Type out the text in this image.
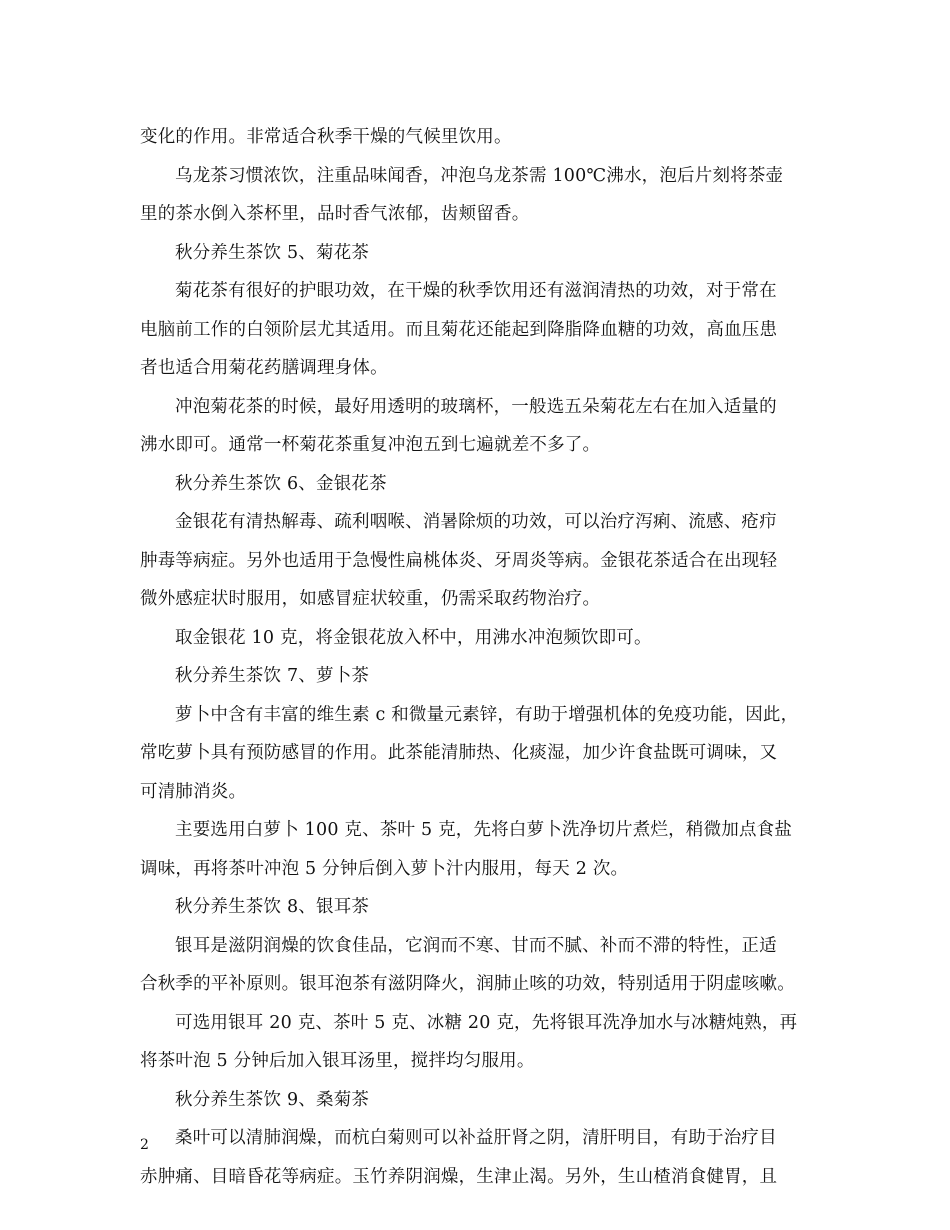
变化的作用。非常适合秋季干燥的气候里饮用。
乌龙茶习惯浓饮，注重品味闻香，冲泡乌龙茶需 100℃沸水，泡后片刻将茶壶
里的茶水倒入茶杯里，品时香气浓郁，齿颊留香。
秋分养生茶饮 5、菊花茶
菊花茶有很好的护眼功效，在干燥的秋季饮用还有滋润清热的功效，对于常在
电脑前工作的白领阶层尤其适用。而且菊花还能起到降脂降血糖的功效，高血压患
者也适合用菊花药膳调理身体。
冲泡菊花茶的时候，最好用透明的玻璃杯，一般选五朵菊花左右在加入适量的
沸水即可。通常一杯菊花茶重复冲泡五到七遍就差不多了。
秋分养生茶饮 6、金银花茶
金银花有清热解毒、疏利咽喉、消暑除烦的功效，可以治疗泻痢、流感、疮疖
肿毒等病症。另外也适用于急慢性扁桃体炎、牙周炎等病。金银花茶适合在出现轻
微外感症状时服用，如感冒症状较重，仍需采取药物治疗。
取金银花 10 克，将金银花放入杯中，用沸水冲泡频饮即可。
秋分养生茶饮 7、萝卜茶
萝卜中含有丰富的维生素 c 和微量元素锌，有助于增强机体的免疫功能，因此，
常吃萝卜具有预防感冒的作用。此茶能清肺热、化痰湿，加少许食盐既可调味，又
可清肺消炎。
主要选用白萝卜 100 克、茶叶 5 克，先将白萝卜洗净切片煮烂，稍微加点食盐
调味，再将茶叶冲泡 5 分钟后倒入萝卜汁内服用，每天 2 次。
秋分养生茶饮 8、银耳茶
银耳是滋阴润燥的饮食佳品，它润而不寒、甘而不腻、补而不滞的特性，正适
合秋季的平补原则。银耳泡茶有滋阴降火，润肺止咳的功效，特别适用于阴虚咳嗽。
可选用银耳 20 克、茶叶 5 克、冰糖 20 克，先将银耳洗净加水与冰糖炖熟，再
将茶叶泡 5 分钟后加入银耳汤里，搅拌均匀服用。
秋分养生茶饮 9、桑菊茶
桑叶可以清肺润燥，而杭白菊则可以补益肝肾之阴，清肝明目，有助于治疗目
赤肿痛、目暗昏花等病症。玉竹养阴润燥，生津止渴。另外，生山楂消食健胃，且
2
